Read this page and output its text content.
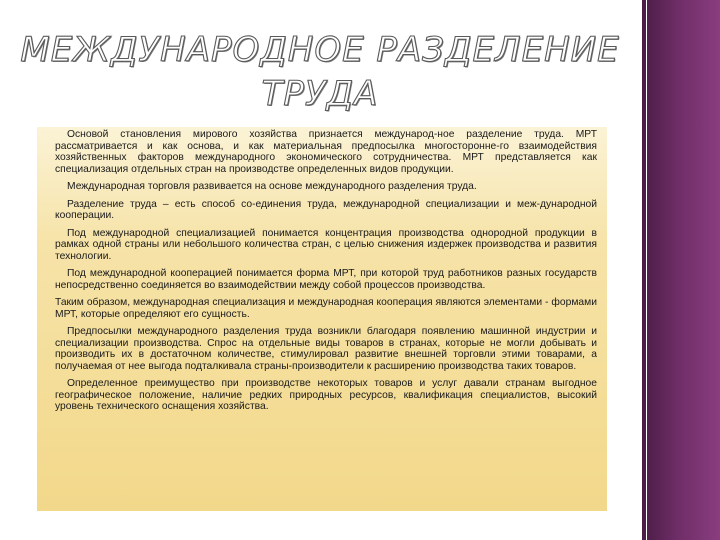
МЕЖДУНАРОДНОЕ РАЗДЕЛЕНИЕ
ТРУДА

Основой становления мирового хозяйства признается международ-ное разделение труда. МРТ рассматривается и как основа, и как материальная предпосылка многосторонне-го взаимодействия хозяйственных факторов международного экономического сотрудничества. МРТ представляется как специализация отдельных стран на производстве определенных видов продукции.

Международная торговля развивается на основе международного разделения труда.

Разделение труда – есть способ со-единения труда, международной специализации и меж-дународной кооперации.

Под международной специализацией понимается концентрация производства однородной продукции в рамках одной страны или небольшого количества стран, с целью снижения издержек производства и развития технологии.

Под международной кооперацией понимается форма МРТ, при которой труд работников разных государств непосредственно соединяется во взаимодействии между собой процессов производства.

Таким образом, международная специализация и международная кооперация являются элементами - формами МРТ, которые определяют его сущность.

Предпосылки международного разделения труда возникли благодаря появлению машинной индустрии и специализации производства. Спрос на отдельные виды товаров в странах, которые не могли добывать и производить их в достаточном количестве, стимулировал развитие внешней торговли этими товарами, а получаемая от нее выгода подталкивала страны-производители к расширению производства таких товаров.

Определенное преимущество при производстве некоторых товаров и услуг давали странам выгодное географическое положение, наличие редких природных ресурсов, квалификация специалистов, высокий уровень технического оснащения хозяйства.
